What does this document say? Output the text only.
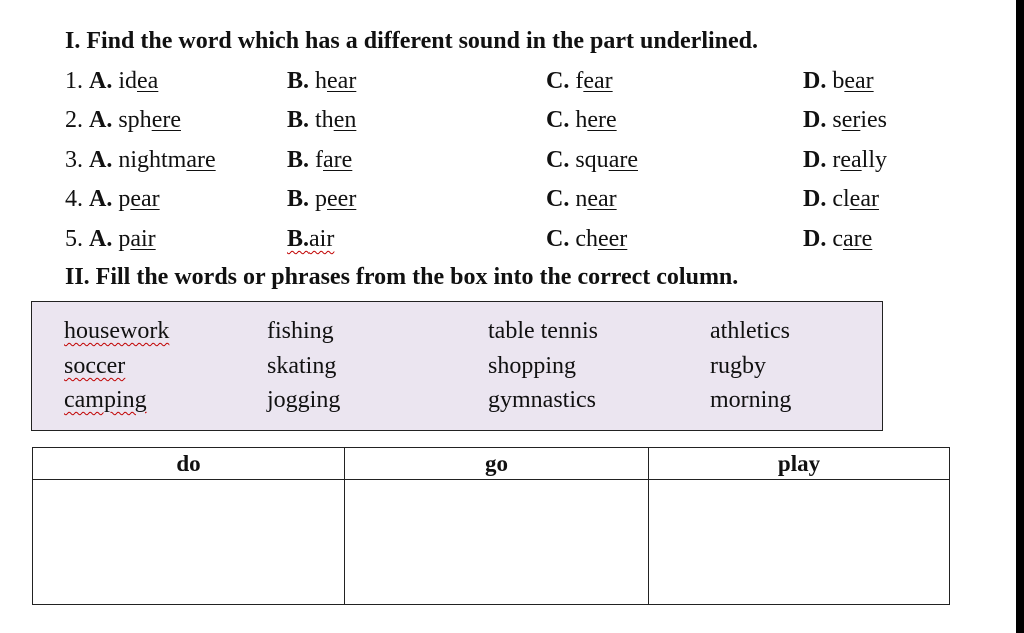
I. Find the word which has a different sound in the part underlined.
1. A. idea	B. hear	C. fear	D. bear
2. A. sphere	B. then	C. here	D. series
3. A. nightmare	B. fare	C. square	D. really
4. A. pear	B. peer	C. near	D. clear
5. A. pair	B.air	C. cheer	D. care
II. Fill the words or phrases from the box into the correct column.
housework	fishing	table tennis	athletics
soccer	skating	shopping	rugby
camping	jogging	gymnastics	morning
do	go	play
